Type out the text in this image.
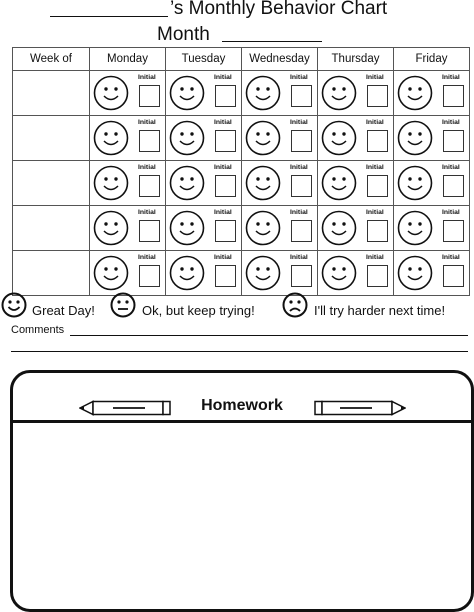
’s Monthly Behavior Chart
Month
Week of	Monday	Tuesday	Wednesday	Thursday	Friday

	Initial	Initial	Initial	Initial	Initial

	Initial	Initial	Initial	Initial	Initial

	Initial	Initial	Initial	Initial	Initial

	Initial	Initial	Initial	Initial	Initial

	Initial	Initial	Initial	Initial	Initial
Great Day!	Ok, but keep trying!	I'll try harder next time!
Comments
Homework
